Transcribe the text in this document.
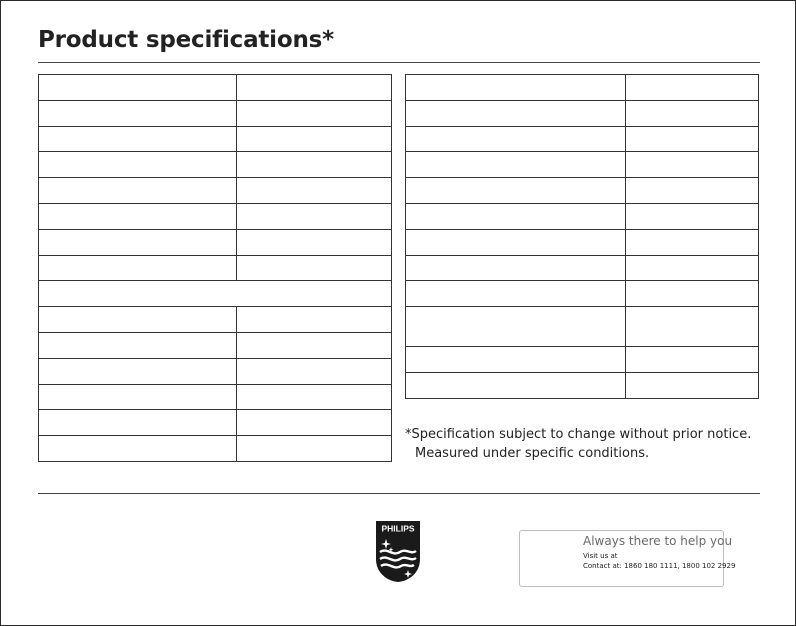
Product specifications*

*Specification subject to change without prior notice.
Measured under specific conditions.

PHILIPS
Always there to help you
Visit us at
Contact at: 1860 180 1111, 1800 102 2929
